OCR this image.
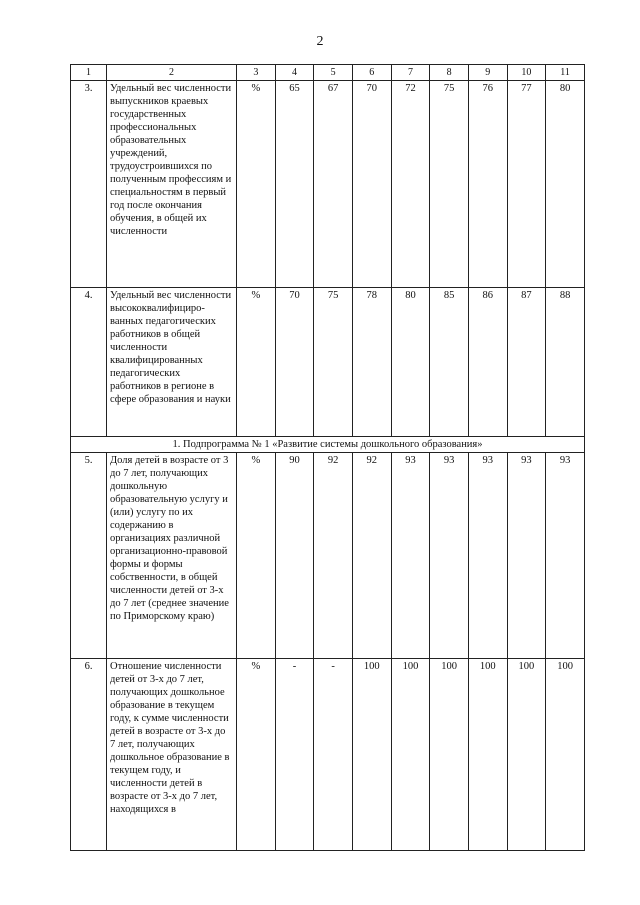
2
1	2	3	4	5	6	7	8	9	10	11
3.	Удельный вес численности выпускников краевых государственных профессиональных образовательных учреждений, трудоустроившихся по полученным профессиям и специальностям в первый год после окончания обучения, в общей их численности	%	65	67	70	72	75	76	77	80
4.	Удельный вес численности высококвалифициро-ванных педагогических работников в общей численности квалифицированных педагогических работников в регионе в сфере образования и науки	%	70	75	78	80	85	86	87	88
1. Подпрограмма № 1 «Развитие системы дошкольного образования»										
5.	Доля детей в возрасте от 3 до 7 лет, получающих дошкольную образовательную услугу и (или) услугу по их содержанию в организациях различной организационно-правовой формы и формы собственности, в общей численности детей от 3-х до 7 лет (среднее значение по Приморскому краю)	%	90	92	92	93	93	93	93	93
6.	Отношение численности детей от 3-х до 7 лет, получающих дошкольное образование в текущем году, к сумме численности детей в возрасте от 3-х до 7 лет, получающих дошкольное образование в текущем году, и численности детей в возрасте от 3-х до 7 лет, находящихся в	%	-	-	100	100	100	100	100	100
